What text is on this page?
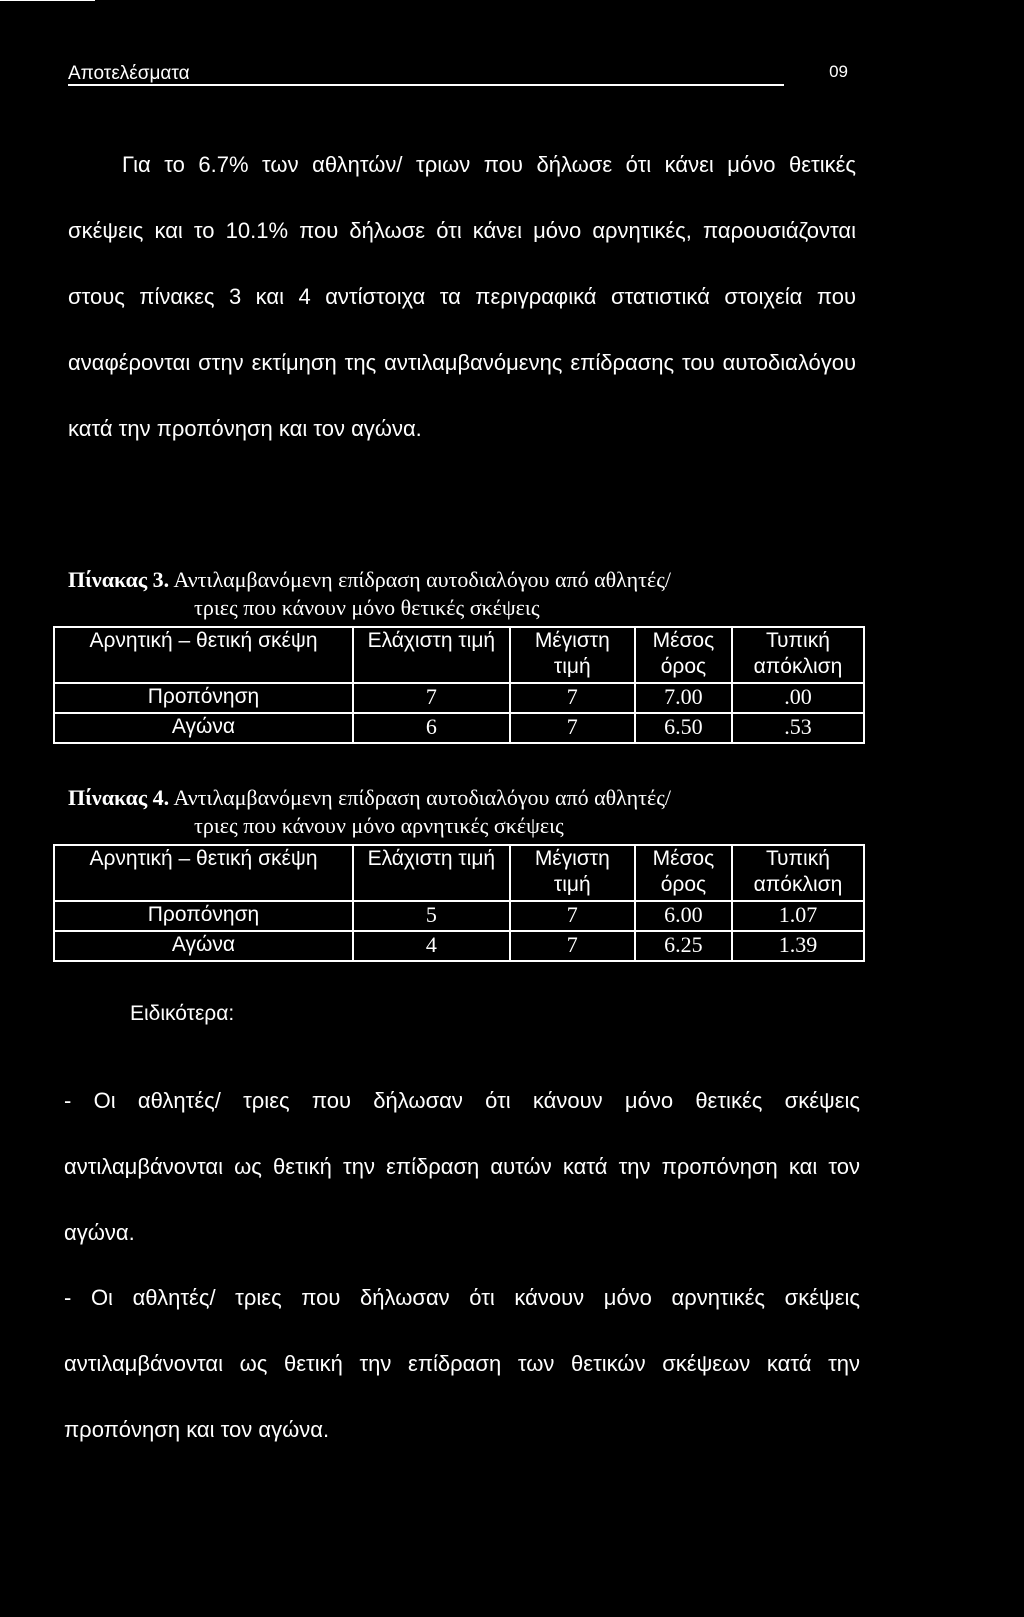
Αποτελέσματα	09

Για το 6.7% των αθλητών/ τριων που δήλωσε ότι κάνει μόνο θετικές σκέψεις και το 10.1% που δήλωσε ότι κάνει μόνο αρνητικές, παρουσιάζονται στους πίνακες 3 και 4 αντίστοιχα τα περιγραφικά στατιστικά στοιχεία που αναφέρονται στην εκτίμηση της αντιλαμβανόμενης επίδρασης του αυτοδιαλόγου κατά την προπόνηση και τον αγώνα.

Πίνακας 3. Αντιλαμβανόμενη επίδραση αυτοδιαλόγου από αθλητές/
τριες που κάνουν μόνο θετικές σκέψεις
Αρνητική – θετική σκέψη	Ελάχιστη τιμή	Μέγιστη τιμή	Μέσος όρος	Τυπική απόκλιση
Προπόνηση	7	7	7.00	.00
Αγώνα	6	7	6.50	.53
Πίνακας 4. Αντιλαμβανόμενη επίδραση αυτοδιαλόγου από αθλητές/
τριες που κάνουν μόνο αρνητικές σκέψεις
Αρνητική – θετική σκέψη	Ελάχιστη τιμή	Μέγιστη τιμή	Μέσος όρος	Τυπική απόκλιση
Προπόνηση	5	7	6.00	1.07
Αγώνα	4	7	6.25	1.39
Ειδικότερα:

- Οι αθλητές/ τριες που δήλωσαν ότι κάνουν μόνο θετικές σκέψεις αντιλαμβάνονται ως θετική την επίδραση αυτών κατά την προπόνηση και τον αγώνα.

- Οι αθλητές/ τριες που δήλωσαν ότι κάνουν μόνο αρνητικές σκέψεις αντιλαμβάνονται ως θετική την επίδραση των θετικών σκέψεων κατά την προπόνηση και τον αγώνα.
